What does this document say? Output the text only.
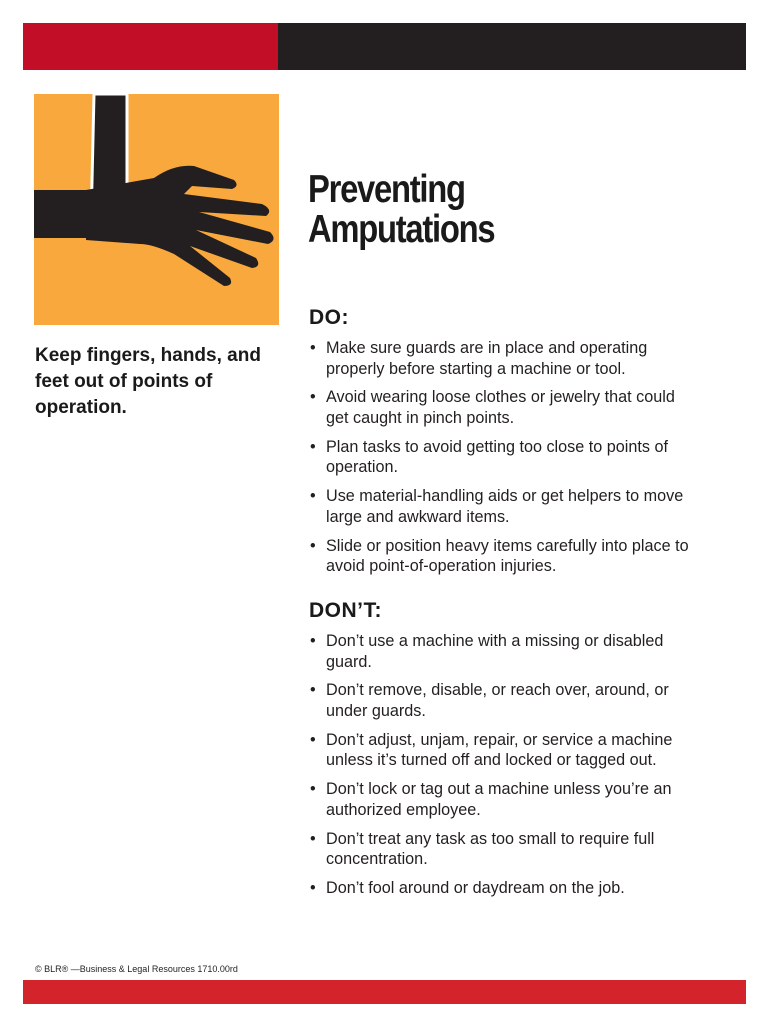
Keep fingers, hands, and feet out of points of operation.

Preventing
Amputations
DO:
• Make sure guards are in place and operating properly before starting a machine or tool.
• Avoid wearing loose clothes or jewelry that could get caught in pinch points.
• Plan tasks to avoid getting too close to points of operation.
• Use material-handling aids or get helpers to move large and awkward items.
• Slide or position heavy items carefully into place to avoid point-of-operation injuries.
DON’T:
• Don’t use a machine with a missing or disabled guard.
• Don’t remove, disable, or reach over, around, or under guards.
• Don’t adjust, unjam, repair, or service a machine unless it’s turned off and locked or tagged out.
• Don’t lock or tag out a machine unless you’re an authorized employee.
• Don’t treat any task as too small to require full concentration.
• Don’t fool around or daydream on the job.

© BLR® —Business & Legal Resources 1710.00rd
